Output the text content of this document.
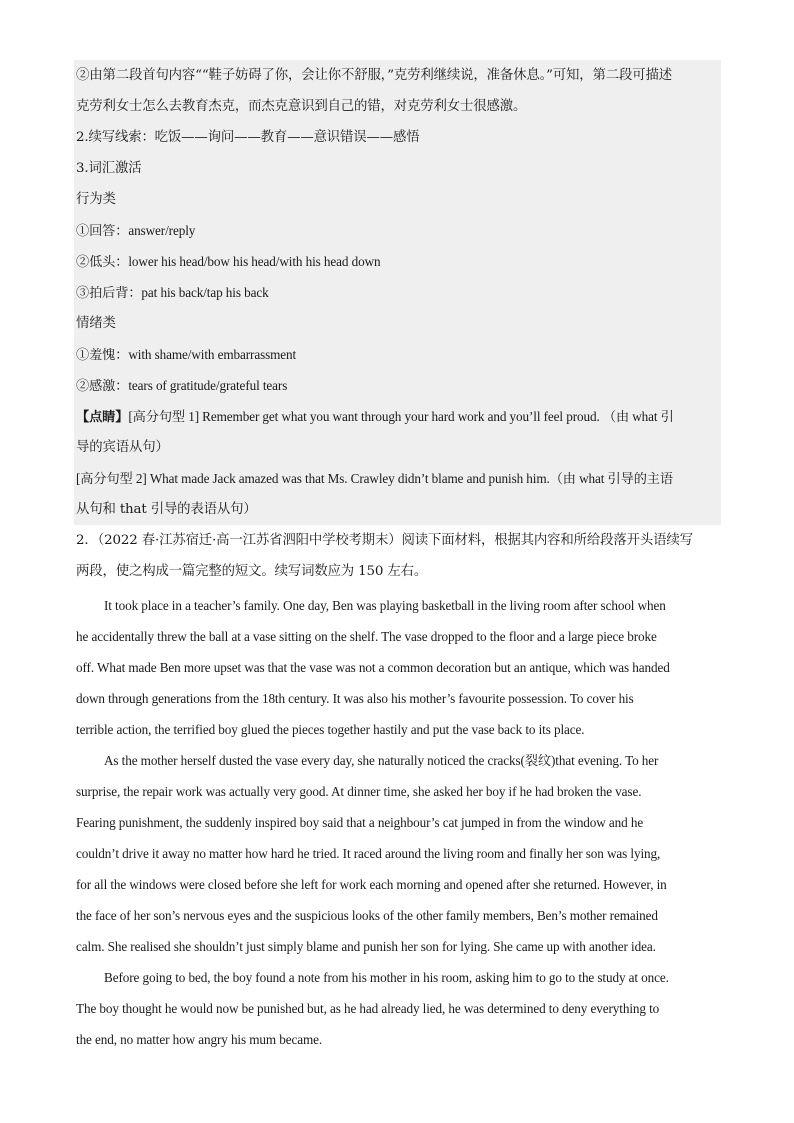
②由第二段首句内容““鞋子妨碍了你，会让你不舒服，”克劳利继续说，准备休息。”可知，第二段可描述
克劳利女士怎么去教育杰克，而杰克意识到自己的错，对克劳利女士很感激。
2.续写线索：吃饭——询问——教育——意识错误——感悟
3.词汇激活
行为类
①回答：answer/reply
②低头：lower his head/bow his head/with his head down
③拍后背：pat his back/tap his back
情绪类
①羞愧：with shame/with embarrassment
②感激：tears of gratitude/grateful tears
【点睛】[高分句型 1] Remember get what you want through your hard work and you’ll feel proud. （由 what 引
导的宾语从句）
[高分句型 2] What made Jack amazed was that Ms. Crawley didn’t blame and punish him.（由 what 引导的主语
从句和 that 引导的表语从句）
2．（2022 春·江苏宿迁·高一江苏省泗阳中学校考期末）阅读下面材料，根据其内容和所给段落开头语续写
两段，使之构成一篇完整的短文。续写词数应为 150 左右。
It took place in a teacher’s family. One day, Ben was playing basketball in the living room after school when
he accidentally threw the ball at a vase sitting on the shelf. The vase dropped to the floor and a large piece broke
off. What made Ben more upset was that the vase was not a common decoration but an antique, which was handed
down through generations from the 18th century. It was also his mother’s favourite possession. To cover his
terrible action, the terrified boy glued the pieces together hastily and put the vase back to its place.
As the mother herself dusted the vase every day, she naturally noticed the cracks(裂纹)that evening. To her
surprise, the repair work was actually very good. At dinner time, she asked her boy if he had broken the vase.
Fearing punishment, the suddenly inspired boy said that a neighbour’s cat jumped in from the window and he
couldn’t drive it away no matter how hard he tried. It raced around the living room and finally her son was lying,
for all the windows were closed before she left for work each morning and opened after she returned. However, in
the face of her son’s nervous eyes and the suspicious looks of the other family members, Ben’s mother remained
calm. She realised she shouldn’t just simply blame and punish her son for lying. She came up with another idea.
Before going to bed, the boy found a note from his mother in his room, asking him to go to the study at once.
The boy thought he would now be punished but, as he had already lied, he was determined to deny everything to
the end, no matter how angry his mum became.
